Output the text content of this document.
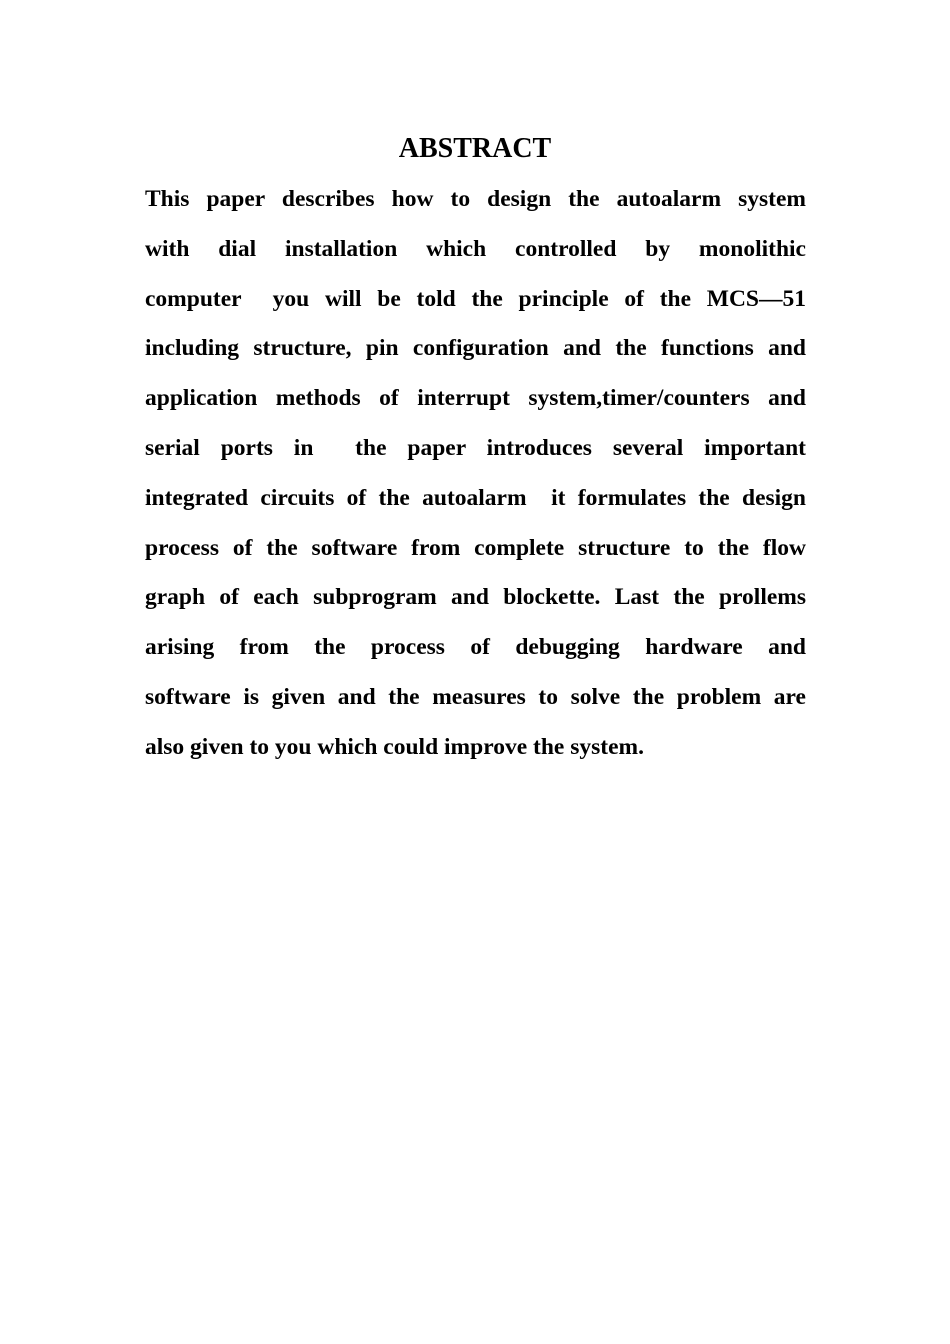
ABSTRACT
This paper describes how to design the autoalarm system
with dial installation which controlled by monolithic
computer  you will be told the principle of the MCS—51
including structure, pin configuration and the functions and
application methods of interrupt system,timer/counters and
serial ports in  the paper introduces several important
integrated circuits of the autoalarm  it formulates the design
process of the software from complete structure to the flow
graph of each subprogram and blockette. Last the prollems
arising from the process of debugging hardware and
software is given and the measures to solve the problem are
also given to you which could improve the system.
